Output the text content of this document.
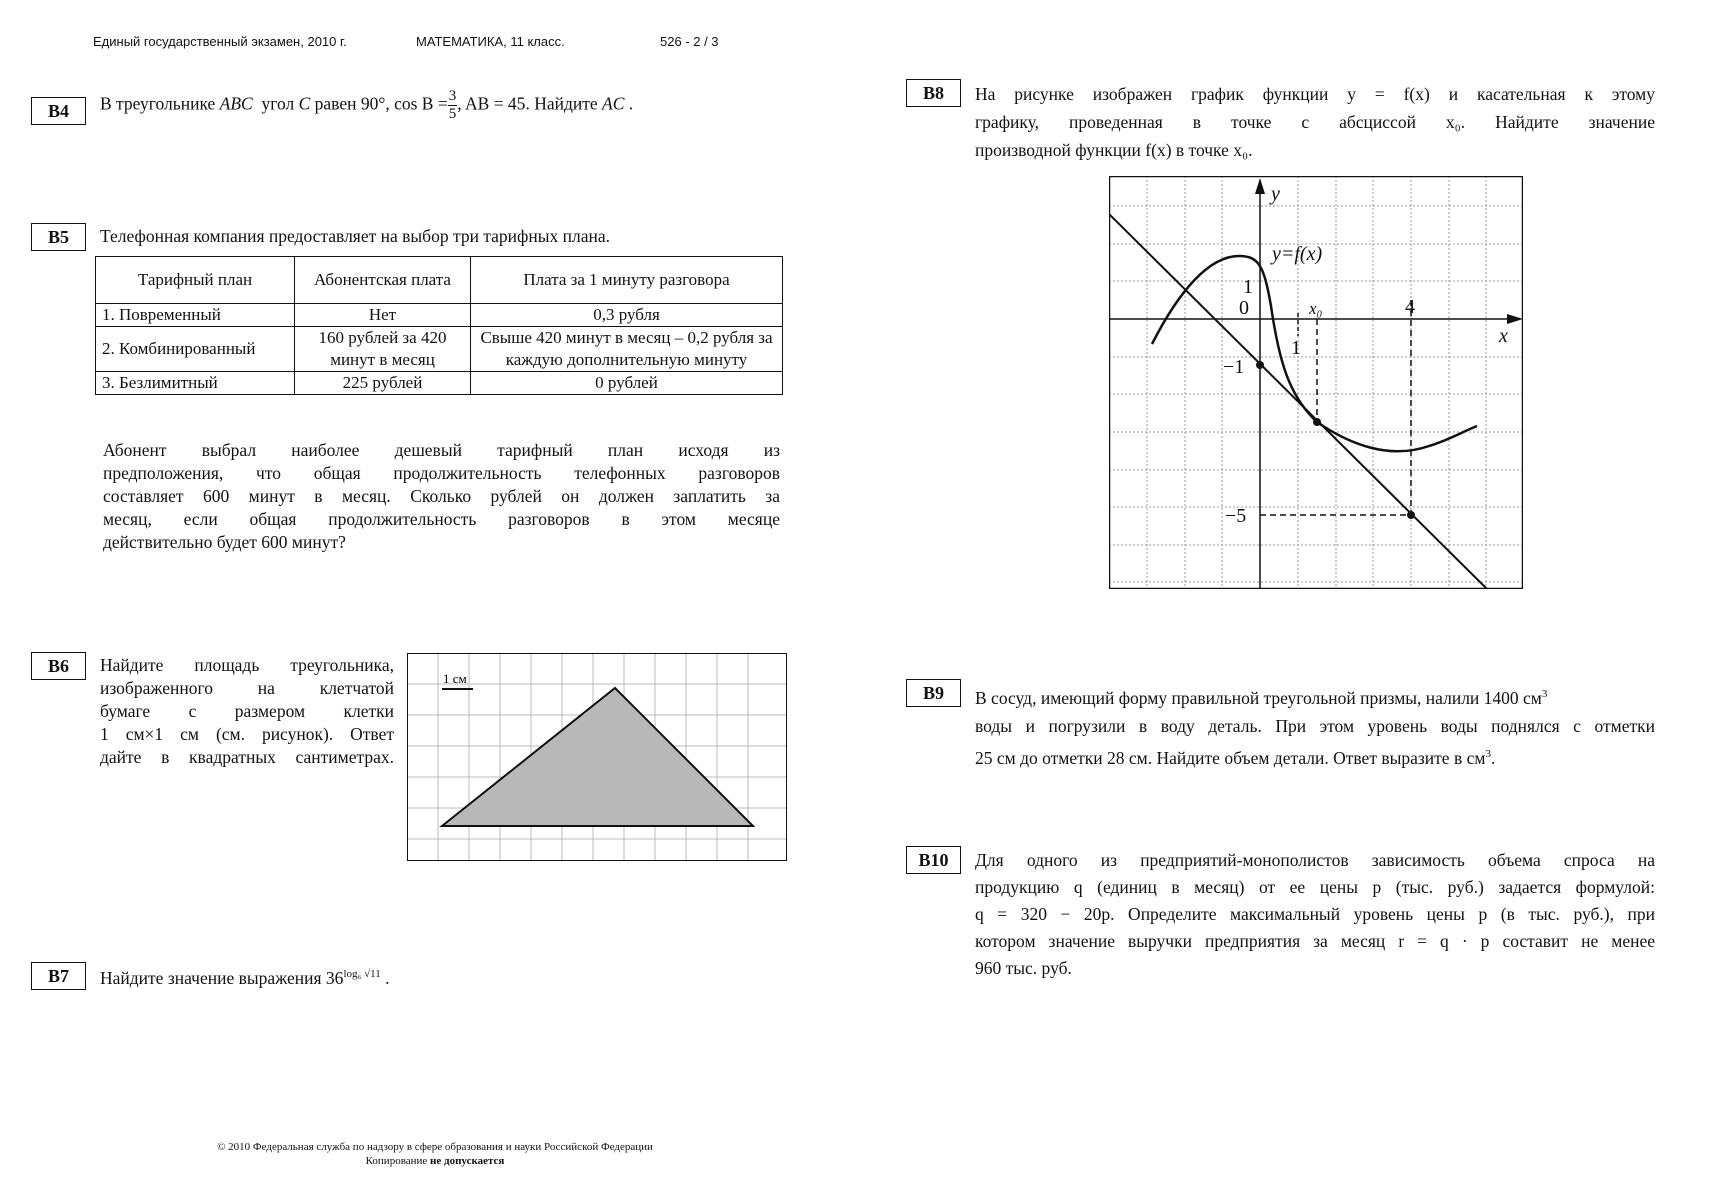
Единый государственный экзамен, 2010 г.	МАТЕМАТИКА, 11 класс.	526 - 2 / 3
B4	В треугольнике ABC угол C равен 90°, $\cos B = \frac{3}{5}$ , AB = 45. Найдите AC .
B5	Телефонная компания предоставляет на выбор три тарифных плана.
Тарифный план	Абонентская плата	Плата за 1 минуту разговора
1. Повременный	Нет	0,3 рубля
2. Комбинированный	160 рублей за 420 минут в месяц	Свыше 420 минут в месяц – 0,2 рубля за каждую дополнительную минуту
3. Безлимитный	225 рублей	0 рублей
Абонент выбрал наиболее дешевый тарифный план исходя из
предположения, что общая продолжительность телефонных разговоров
составляет 600 минут в месяц. Сколько рублей он должен заплатить за
месяц, если общая продолжительность разговоров в этом месяце
действительно будет 600 минут?
B6	Найдите площадь треугольника,
изображенного на клетчатой
бумаге с размером клетки
1 см×1 см (см. рисунок). Ответ
дайте в квадратных сантиметрах.
1 см
B7	Найдите значение выражения $36^{log_6 √11}$ .
B8	На рисунке изображен график функции y = f(x) и касательная к этому
графику, проведенная в точке с абсциссой x₀. Найдите значение
производной функции f(x) в точке x₀.
y
x
y=f(x)
1
0
1
x₀	4
−1
−5
B9	В сосуд, имеющий форму правильной треугольной призмы, налили 1400 $см^3$
воды и погрузили в воду деталь. При этом уровень воды поднялся с отметки
25 см до отметки 28 см. Найдите объем детали. Ответ выразите в $см^3$.
B10	Для одного из предприятий-монополистов зависимость объема спроса на
продукцию q (единиц в месяц) от ее цены p (тыс. руб.) задается формулой:
q = 320 − 20p. Определите максимальный уровень цены p (в тыс. руб.), при
котором значение выручки предприятия за месяц r = q · p составит не менее
960 тыс. руб.
© 2010 Федеральная служба по надзору в сфере образования и науки Российской Федерации
Копирование не допускается
